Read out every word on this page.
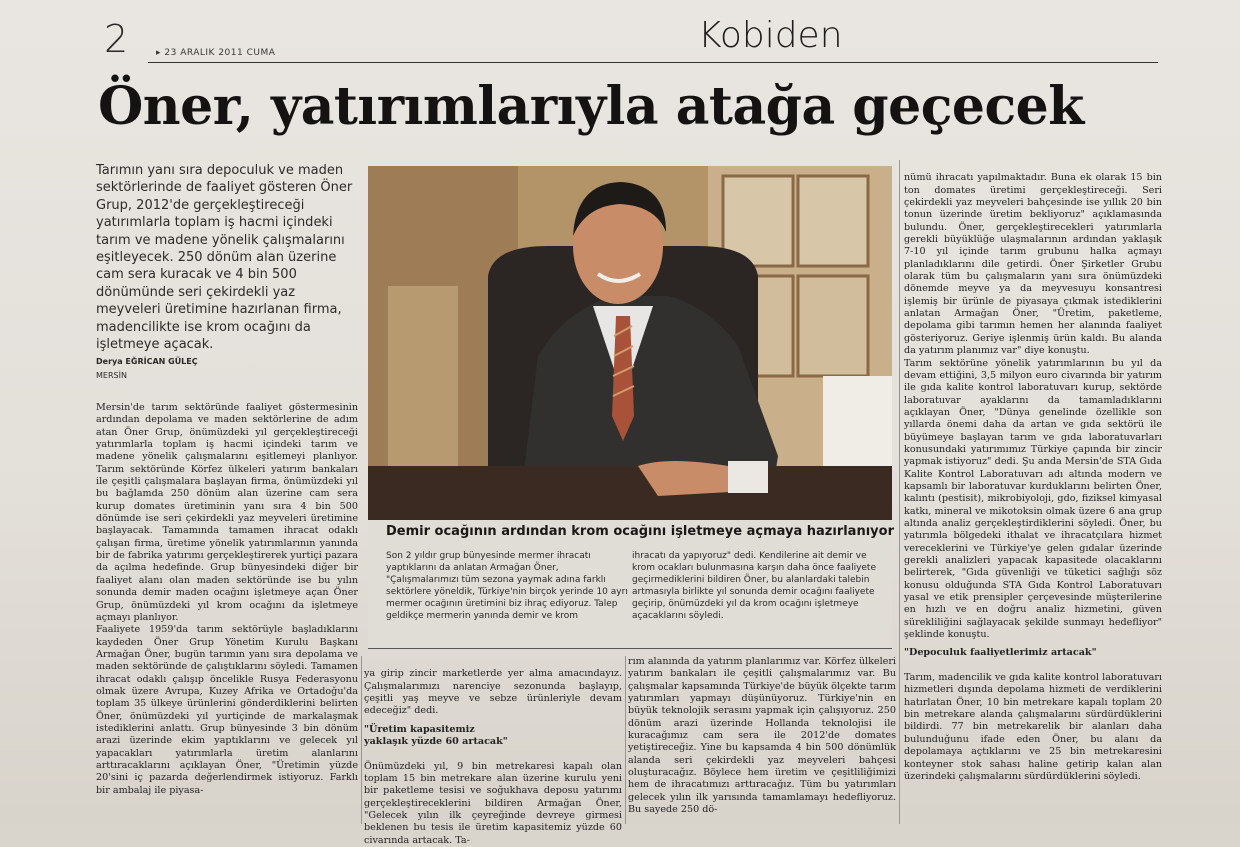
2	▸ 23 ARALIK 2011 CUMA	Kobiden
Öner, yatırımlarıyla atağa geçecek

Tarımın yanı sıra depoculuk ve maden sektörlerinde de faaliyet gösteren Öner Grup, 2012'de gerçekleştireceği yatırımlarla toplam iş hacmi içindeki tarım ve madene yönelik çalışmalarını eşitleyecek. 250 dönüm alan üzerine cam sera kuracak ve 4 bin 500 dönümünde seri çekirdekli yaz meyveleri üretimine hazırlanan firma, madencilikte ise krom ocağını da işletmeye açacak.

Derya EĞRİCAN GÜLEÇ
MERSİN

Mersin'de tarım sektöründe faaliyet göstermesinin ardından depolama ve maden sektörlerine de adım atan Öner Grup, önümüzdeki yıl gerçekleştireceği yatırımlarla toplam iş hacmi içindeki tarım ve madene yönelik çalışmalarını eşitlemeyi planlıyor. Tarım sektöründe Körfez ülkeleri yatırım bankaları ile çeşitli çalışmalara başlayan firma, önümüzdeki yıl bu bağlamda 250 dönüm alan üzerine cam sera kurup domates üretiminin yanı sıra 4 bin 500 dönümde ise seri çekirdekli yaz meyveleri üretimine başlayacak. Tamamında tamamen ihracat odaklı çalışan firma, üretime yönelik yatırımlarının yanında bir de fabrika yatırımı gerçekleştirerek yurtiçi pazara da açılma hedefinde. Grup bünyesindeki diğer bir faaliyet alanı olan maden sektöründe ise bu yılın sonunda demir maden ocağını işletmeye açan Öner Grup, önümüzdeki yıl krom ocağını da işletmeye açmayı planlıyor.
Faaliyete 1959'da tarım sektörüyle başladıklarını kaydeden Öner Grup Yönetim Kurulu Başkanı Armağan Öner, bugün tarımın yanı sıra depolama ve maden sektöründe de çalıştıklarını söyledi. Tamamen ihracat odaklı çalışıp öncelikle Rusya Federasyonu olmak üzere Avrupa, Kuzey Afrika ve Ortadoğu'da toplam 35 ülkeye ürünlerini gönderdiklerini belirten Öner, önümüzdeki yıl yurtiçinde de markalaşmak istediklerini anlattı. Grup bünyesinde 3 bin dönüm arazi üzerinde ekim yaptıklarını ve gelecek yıl yapacakları yatırımlarla üretim alanlarını arttıracaklarını açıklayan Öner, "Üretimin yüzde 20'sini iç pazarda değerlendirmek istiyoruz. Farklı bir ambalaj ile piyasa-

Demir ocağının ardından krom ocağını işletmeye açmaya hazırlanıyor

Son 2 yıldır grup bünyesinde mermer ihracatı yaptıklarını da anlatan Armağan Öner, "Çalışmalarımızı tüm sezona yaymak adına farklı sektörlere yöneldik, Türkiye'nin birçok yerinde 10 ayrı mermer ocağının üretimini biz ihraç ediyoruz. Talep geldikçe mermerin yanında demir ve krom

ihracatı da yapıyoruz" dedi. Kendilerine ait demir ve krom ocakları bulunmasına karşın daha önce faaliyete geçirmediklerini bildiren Öner, bu alanlardaki talebin artmasıyla birlikte yıl sonunda demir ocağını faaliyete geçirip, önümüzdeki yıl da krom ocağını işletmeye açacaklarını söyledi.

ya girip zincir marketlerde yer alma amacındayız. Çalışmalarımızı narenciye sezonunda başlayıp, çeşitli yaş meyve ve sebze ürünleriyle devam edeceğiz" dedi.

"Üretim kapasitemiz
yaklaşık yüzde 60 artacak"

Önümüzdeki yıl, 9 bin metrekaresi kapalı olan toplam 15 bin metrekare alan üzerine kurulu yeni bir paketleme tesisi ve soğukhava deposu yatırımı gerçekleştireceklerini bildiren Armağan Öner, "Gelecek yılın ilk çeyreğinde devreye girmesi beklenen bu tesis ile üretim kapasitemiz yüzde 60 civarında artacak. Ta-

rım alanında da yatırım planlarımız var. Körfez ülkeleri yatırım bankaları ile çeşitli çalışmalarımız var. Bu çalışmalar kapsamında Türkiye'de büyük ölçekte tarım yatırımları yapmayı düşünüyoruz. Türkiye'nin en büyük teknolojik serasını yapmak için çalışıyoruz. 250 dönüm arazi üzerinde Hollanda teknolojisi ile kuracağımız cam sera ile 2012'de domates yetiştireceğiz. Yine bu kapsamda 4 bin 500 dönümlük alanda seri çekirdekli yaz meyveleri bahçesi oluşturacağız. Böylece hem üretim ve çeşitliliğimizi hem de ihracatımızı arttıracağız. Tüm bu yatırımları gelecek yılın ilk yarısında tamamlamayı hedefliyoruz. Bu sayede 250 dö-

nümü ihracatı yapılmaktadır. Buna ek olarak 15 bin ton domates üretimi gerçekleştireceği. Seri çekirdekli yaz meyveleri bahçesinde ise yıllık 20 bin tonun üzerinde üretim bekliyoruz" açıklamasında bulundu. Öner, gerçekleştirecekleri yatırımlarla gerekli büyüklüğe ulaşmalarının ardından yaklaşık 7-10 yıl içinde tarım grubunu halka açmayı planladıklarını dile getirdi. Öner Şirketler Grubu olarak tüm bu çalışmaların yanı sıra önümüzdeki dönemde meyve ya da meyvesuyu konsantresi işlemiş bir ürünle de piyasaya çıkmak istediklerini anlatan Armağan Öner, "Üretim, paketleme, depolama gibi tarımın hemen her alanında faaliyet gösteriyoruz. Geriye işlenmiş ürün kaldı. Bu alanda da yatırım planımız var" diye konuştu.
Tarım sektörüne yönelik yatırımlarının bu yıl da devam ettiğini, 3,5 milyon euro civarında bir yatırım ile gıda kalite kontrol laboratuvarı kurup, sektörde laboratuvar ayaklarını da tamamladıklarını açıklayan Öner, "Dünya genelinde özellikle son yıllarda önemi daha da artan ve gıda sektörü ile büyümeye başlayan tarım ve gıda laboratuvarları konusundaki yatırımımız Türkiye çapında bir zincir yapmak istiyoruz" dedi. Şu anda Mersin'de STA Gıda Kalite Kontrol Laboratuvarı adı altında modern ve kapsamlı bir laboratuvar kurduklarını belirten Öner, kalıntı (pestisit), mikrobiyoloji, gdo, fiziksel kimyasal katkı, mineral ve mikotoksin olmak üzere 6 ana grup altında analiz gerçekleştirdiklerini söyledi. Öner, bu yatırımla bölgedeki ithalat ve ihracatçılara hizmet vereceklerini ve Türkiye'ye gelen gıdalar üzerinde gerekli analizleri yapacak kapasitede olacaklarını belirterek, "Gıda güvenliği ve tüketici sağlığı söz konusu olduğunda STA Gıda Kontrol Laboratuvarı yasal ve etik prensipler çerçevesinde müşterilerine en hızlı ve en doğru analiz hizmetini, güven sürekliliğini sağlayacak şekilde sunmayı hedefliyor" şeklinde konuştu.

"Depoculuk faaliyetlerimiz artacak"

Tarım, madencilik ve gıda kalite kontrol laboratuvarı hizmetleri dışında depolama hizmeti de verdiklerini hatırlatan Öner, 10 bin metrekare kapalı toplam 20 bin metrekare alanda çalışmalarını sürdürdüklerini bildirdi. 77 bin metrekarelik bir alanları daha bulunduğunu ifade eden Öner, bu alanı da depolamaya açtıklarını ve 25 bin metrekaresini konteyner stok sahası haline getirip kalan alan üzerindeki çalışmalarını sürdürdüklerini söyledi.
